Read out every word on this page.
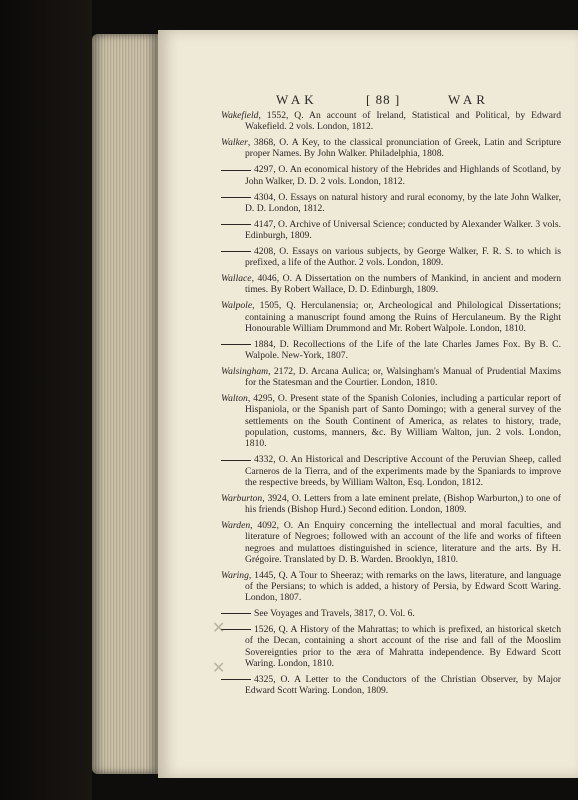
WAK	[ 88 ]	WAR
Wakefield, 1552, Q. An account of Ireland, Statistical and Political, by Edward Wakefield. 2 vols. London, 1812.
Walker, 3868, O. A Key, to the classical pronunciation of Greek, Latin and Scripture proper Names. By John Walker. Philadelphia, 1808.
4297, O. An economical history of the Hebrides and Highlands of Scotland, by John Walker, D. D. 2 vols. London, 1812.
4304, O. Essays on natural history and rural economy, by the late John Walker, D. D. London, 1812.
4147, O. Archive of Universal Science; conducted by Alexander Walker. 3 vols. Edinburgh, 1809.
4208, O. Essays on various subjects, by George Walker, F. R. S. to which is prefixed, a life of the Author. 2 vols. London, 1809.
Wallace, 4046, O. A Dissertation on the numbers of Mankind, in ancient and modern times. By Robert Wallace, D. D. Edinburgh, 1809.
Walpole, 1505, Q. Herculanensia; or, Archeological and Philological Dissertations; containing a manuscript found among the Ruins of Herculaneum. By the Right Honourable William Drummond and Mr. Robert Walpole. London, 1810.
1884, D. Recollections of the Life of the late Charles James Fox. By B. C. Walpole. New-York, 1807.
Walsingham, 2172, D. Arcana Aulica; or, Walsingham's Manual of Prudential Maxims for the Statesman and the Courtier. London, 1810.
Walton, 4295, O. Present state of the Spanish Colonies, including a particular report of Hispaniola, or the Spanish part of Santo Domingo; with a general survey of the settlements on the South Continent of America, as relates to history, trade, population, customs, manners, &c. By William Walton, jun. 2 vols. London, 1810.
4332, O. An Historical and Descriptive Account of the Peruvian Sheep, called Carneros de la Tierra, and of the experiments made by the Spaniards to improve the respective breeds, by William Walton, Esq. London, 1812.
Warburton, 3924, O. Letters from a late eminent prelate, (Bishop Warburton,) to one of his friends (Bishop Hurd.) Second edition. London, 1809.
Warden, 4092, O. An Enquiry concerning the intellectual and moral faculties, and literature of Negroes; followed with an account of the life and works of fifteen negroes and mulattoes distinguished in science, literature and the arts. By H. Grégoire. Translated by D. B. Warden. Brooklyn, 1810.
Waring, 1445, Q. A Tour to Sheeraz; with remarks on the laws, literature, and language of the Persians; to which is added, a history of Persia, by Edward Scott Waring. London, 1807.
See Voyages and Travels, 3817, O. Vol. 6.
1526, Q. A History of the Mahrattas; to which is prefixed, an historical sketch of the Decan, containing a short account of the rise and fall of the Mooslim Sovereignties prior to the æra of Mahratta independence. By Edward Scott Waring. London, 1810.
4325, O. A Letter to the Conductors of the Christian Observer, by Major Edward Scott Waring. London, 1809.
✕
✕
